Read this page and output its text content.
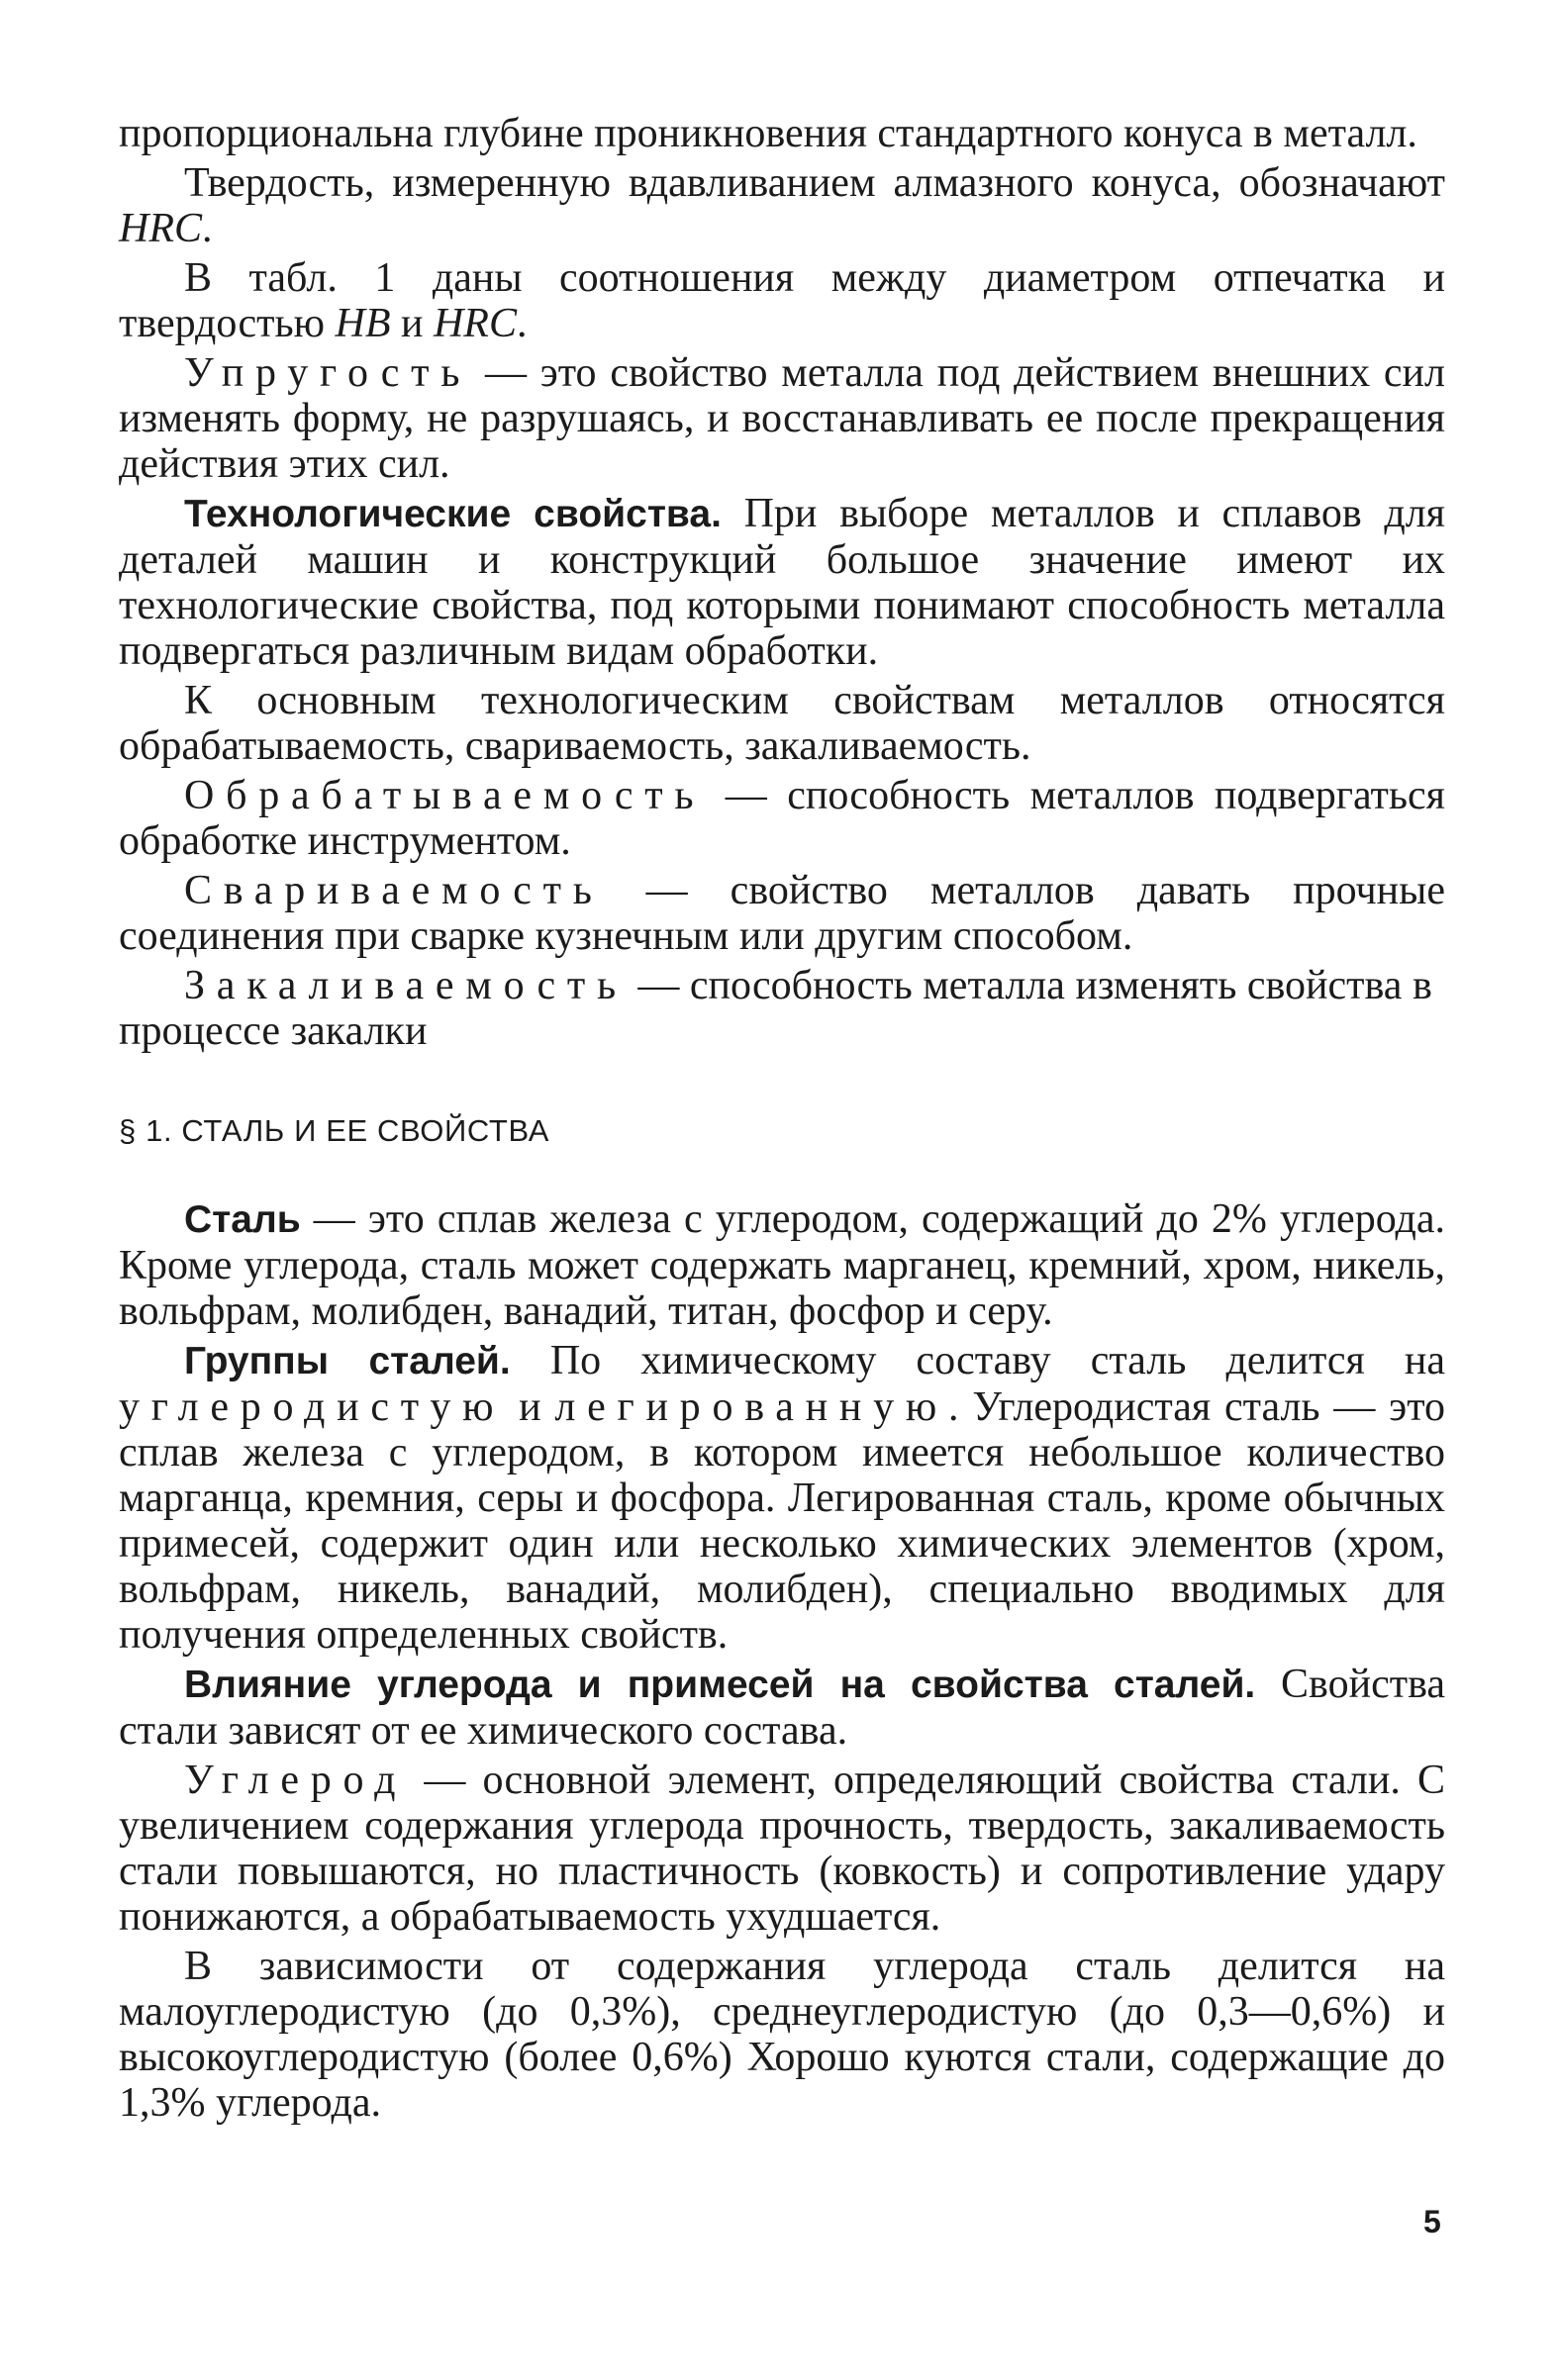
пропорциональна глубине проникновения стандартного конуса в металл.

Твердость, измеренную вдавливанием алмазного конуса, обозначают HRC.

В табл. 1 даны соотношения между диаметром отпечатка и твердостью НВ и HRC.

Упругость — это свойство металла под действием внешних сил изменять форму, не разрушаясь, и восстанавливать ее после прекращения действия этих сил.

Технологические свойства. При выборе металлов и сплавов для деталей машин и конструкций большое значение имеют их технологические свойства, под которыми понимают способность металла подвергаться различным видам обработки.

К основным технологическим свойствам металлов относятся обрабатываемость, свариваемость, закаливаемость.

Обрабатываемость — способность металлов подвергаться обработке инструментом.

Свариваемость — свойство металлов давать прочные соединения при сварке кузнечным или другим способом.

Закаливаемость — способность металла изменять свойства в процессе закалки

§ 1. СТАЛЬ И ЕЕ СВОЙСТВА

Сталь — это сплав железа с углеродом, содержащий до 2% углерода. Кроме углерода, сталь может содержать марганец, кремний, хром, никель, вольфрам, молибден, ванадий, титан, фосфор и серу.

Группы сталей. По химическому составу сталь делится на углеродистую и легированную. Углеродистая сталь — это сплав железа с углеродом, в котором имеется небольшое количество марганца, кремния, серы и фосфора. Легированная сталь, кроме обычных примесей, содержит один или несколько химических элементов (хром, вольфрам, никель, ванадий, молибден), специально вводимых для получения определенных свойств.

Влияние углерода и примесей на свойства сталей. Свойства стали зависят от ее химического состава.

Углерод — основной элемент, определяющий свойства стали. С увеличением содержания углерода прочность, твердость, закаливаемость стали повышаются, но пластичность (ковкость) и сопротивление удару понижаются, а обрабатываемость ухудшается.

В зависимости от содержания углерода сталь делится на малоуглеродистую (до 0,3%), среднеуглеродистую (до 0,3—0,6%) и высокоуглеродистую (более 0,6%) Хорошо куются стали, содержащие до 1,3% углерода.

5
